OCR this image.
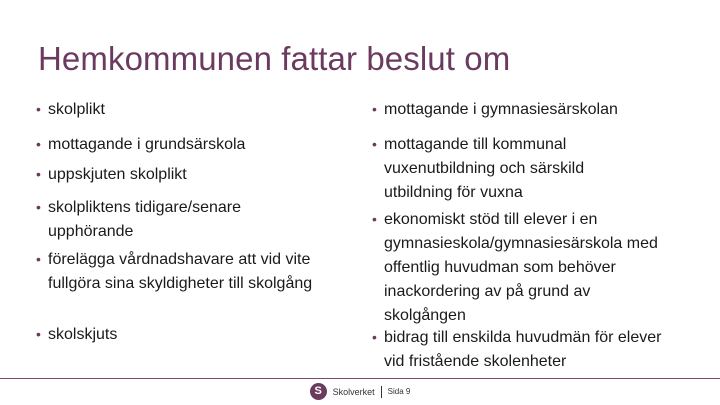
Hemkommunen fattar beslut om
• skolplikt
• mottagande i grundsärskola
• uppskjuten skolplikt
• skolpliktens tidigare/senare upphörande
• förelägga vårdnadshavare att vid vite fullgöra sina skyldigheter till skolgång
• skolskjuts
• mottagande i gymnasiesärskolan
• mottagande till kommunal vuxenutbildning och särskild utbildning för vuxna
• ekonomiskt stöd till elever i en gymnasieskola/gymnasiesärskola med offentlig huvudman som behöver inackordering av på grund av skolgången
• bidrag till enskilda huvudmän för elever vid fristående skolenheter
S	Skolverket Sida 9
